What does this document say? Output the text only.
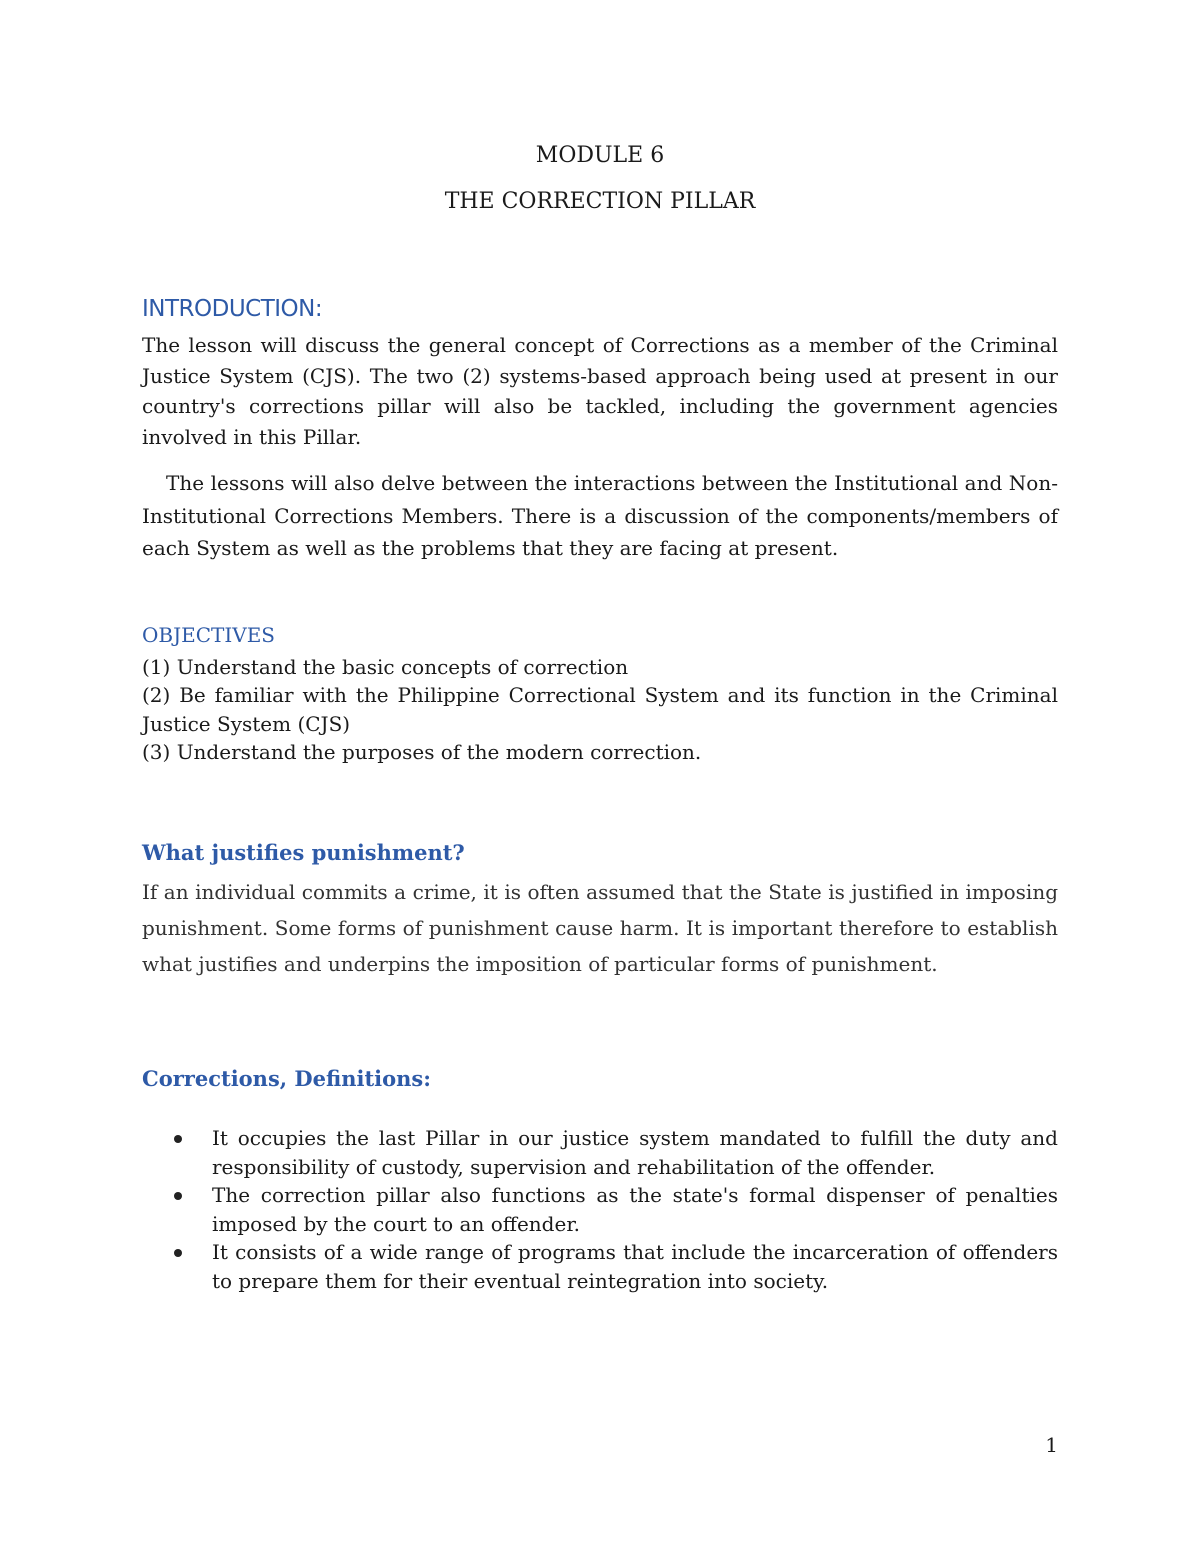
MODULE 6
THE CORRECTION PILLAR
INTRODUCTION:

The lesson will discuss the general concept of Corrections as a member of the Criminal Justice System (CJS). The two (2) systems-based approach being used at present in our country's corrections pillar will also be tackled, including the government agencies involved in this Pillar.

The lessons will also delve between the interactions between the Institutional and Non-Institutional Corrections Members. There is a discussion of the components/members of each System as well as the problems that they are facing at present.

OBJECTIVES

(1) Understand the basic concepts of correction

(2) Be familiar with the Philippine Correctional System and its function in the Criminal Justice System (CJS)

(3) Understand the purposes of the modern correction.

What justifies punishment?

If an individual commits a crime, it is often assumed that the State is justified in imposing punishment. Some forms of punishment cause harm. It is important therefore to establish what justifies and underpins the imposition of particular forms of punishment.

Corrections, Definitions:
It occupies the last Pillar in our justice system mandated to fulfill the duty and responsibility of custody, supervision and rehabilitation of the offender.
The correction pillar also functions as the state's formal dispenser of penalties imposed by the court to an offender.
It consists of a wide range of programs that include the incarceration of offenders to prepare them for their eventual reintegration into society.
1
